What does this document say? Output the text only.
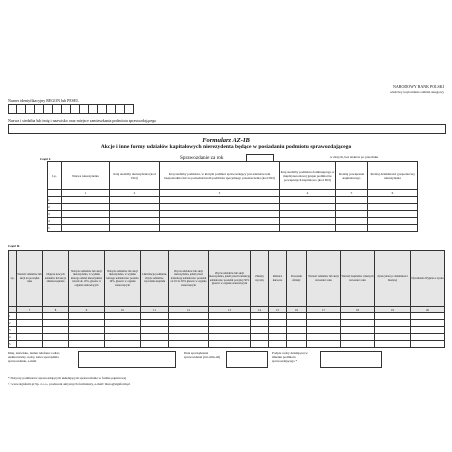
NARODOWY BANK POLSKI
właściwy terytorialnie oddział okręgowy
Numer identyfikacyjny REGON lub PESEL
Nazwa i siedziba lub imię i nazwisko oraz miejsce zamieszkania podmiotu sprawozdającego
Formularz AZ-IB
Akcje i inne formy udziałów kapitałowych nierezydenta będące w posiadaniu podmiotu sprawozdającego
Sprawozdanie za rok
Część I.	w złotych, bez znaków po przecinku
Lp.	Nazwa nierezydenta	Kraj siedziby nierezydenta (kod ISO)	Kraj siedziby podmiotu, w którym podmiot sprawozdający jest udziałowcem bezpośrednio lub za pośrednictwem podmiotu specjalnego przeznaczenia (kod ISO)	Kraj siedziby podmiotu dominującego w międzynarodowej grupie podmiotów powiązanych kapitałowo (kod ISO)	Rodzaj powiązania kapitałowego	Rodzaj działalności gospodarczej nierezydenta
	1	2	3	4	5	6
1						
2						
3						
4						
5						
Część II.
Lp.	Wartość udziałów lub akcji na początku roku	Objęcie nowych udziałów lub akcji, zmiana kapitału	Nabycie udziałów lub akcji nierezydenta, w wyniku którego udział nierezydenta wzrósł do 10%, głosów w organie stanowiącym	Nabycie udziałów lub akcji nierezydenta, w wyniku którego udziałowiec posiada 10%, głosów w organie stanowiącym	Likwidacja podmiotu, zbycie udziałów, wycofanie kapitału	Zbycie udziałów lub akcji nierezydenta, jeżeli przed transakcją udziałowiec posiadał od 10 do 50% głosów w organie stanowiącym	Zbycie udziałów lub akcji nierezydenta, jeżeli przed transakcją udziałowiec posiadał powyżej 50% głosów w organie stanowiącym	Zmiany wyceny	Różnice kursowe	Pozostałe zmiany	Wartość udziałów lub akcji na koniec roku	Wartość kapitałów własnych na koniec roku	Zysk (strata) z działalności bieżącej	Dywidenda Wypłata z zysku
	7	8	9	10	11	12	13	14	15	16	17	18	19	20
1														
2														
3														
4														
5														
Imię, nazwisko, numer telefonu i adres elektroniczny osoby, która sporządziła sprawozdanie, e-mail.
Data sporządzenia sprawozdania (rrrr-mm-dd)
Podpis osoby działającej w imieniu podmiotu sprawozdającego *
* Dotyczy podmiotów sprawozdających składających sprawozdanie w formie papierowej
© www.signform.pl Sp. z o.o., producent aktywnych formularzy, e-mail: biuro@signform.pl
